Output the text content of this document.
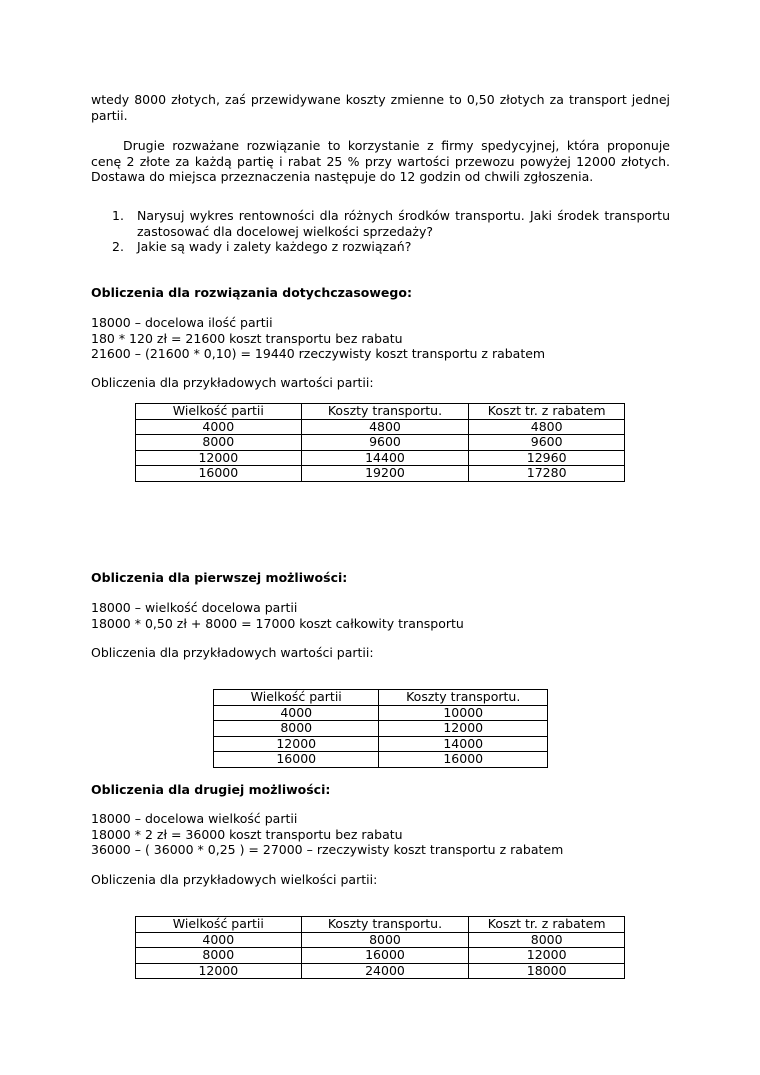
wtedy 8000 złotych, zaś przewidywane koszty zmienne to 0,50 złotych za transport jednej partii.
Drugie rozważane rozwiązanie to korzystanie z firmy spedycyjnej, która proponuje cenę 2 złote za każdą partię i rabat 25 % przy wartości przewozu powyżej 12000 złotych. Dostawa do miejsca przeznaczenia następuje do 12 godzin od chwili zgłoszenia.
1. Narysuj wykres rentowności dla różnych środków transportu. Jaki środek transportu zastosować dla docelowej wielkości sprzedaży?
2. Jakie są wady i zalety każdego z rozwiązań?
Obliczenia dla rozwiązania dotychczasowego:
18000 – docelowa ilość partii
180 * 120 zł = 21600 koszt transportu bez rabatu
21600 – (21600 * 0,10) = 19440 rzeczywisty koszt transportu z rabatem
Obliczenia dla przykładowych wartości partii:
Wielkość partii	Koszty transportu.	Koszt tr. z rabatem
4000	4800	4800
8000	9600	9600
12000	14400	12960
16000	19200	17280
Obliczenia dla pierwszej możliwości:
18000 – wielkość docelowa partii
18000 * 0,50 zł + 8000 = 17000 koszt całkowity transportu
Obliczenia dla przykładowych wartości partii:
Wielkość partii	Koszty transportu.
4000	10000
8000	12000
12000	14000
16000	16000
Obliczenia dla drugiej możliwości:
18000 – docelowa wielkość partii
18000 * 2 zł = 36000 koszt transportu bez rabatu
36000 – ( 36000 * 0,25 ) = 27000 – rzeczywisty koszt transportu z rabatem
Obliczenia dla przykładowych wielkości partii:
Wielkość partii	Koszty transportu.	Koszt tr. z rabatem
4000	8000	8000
8000	16000	12000
12000	24000	18000
